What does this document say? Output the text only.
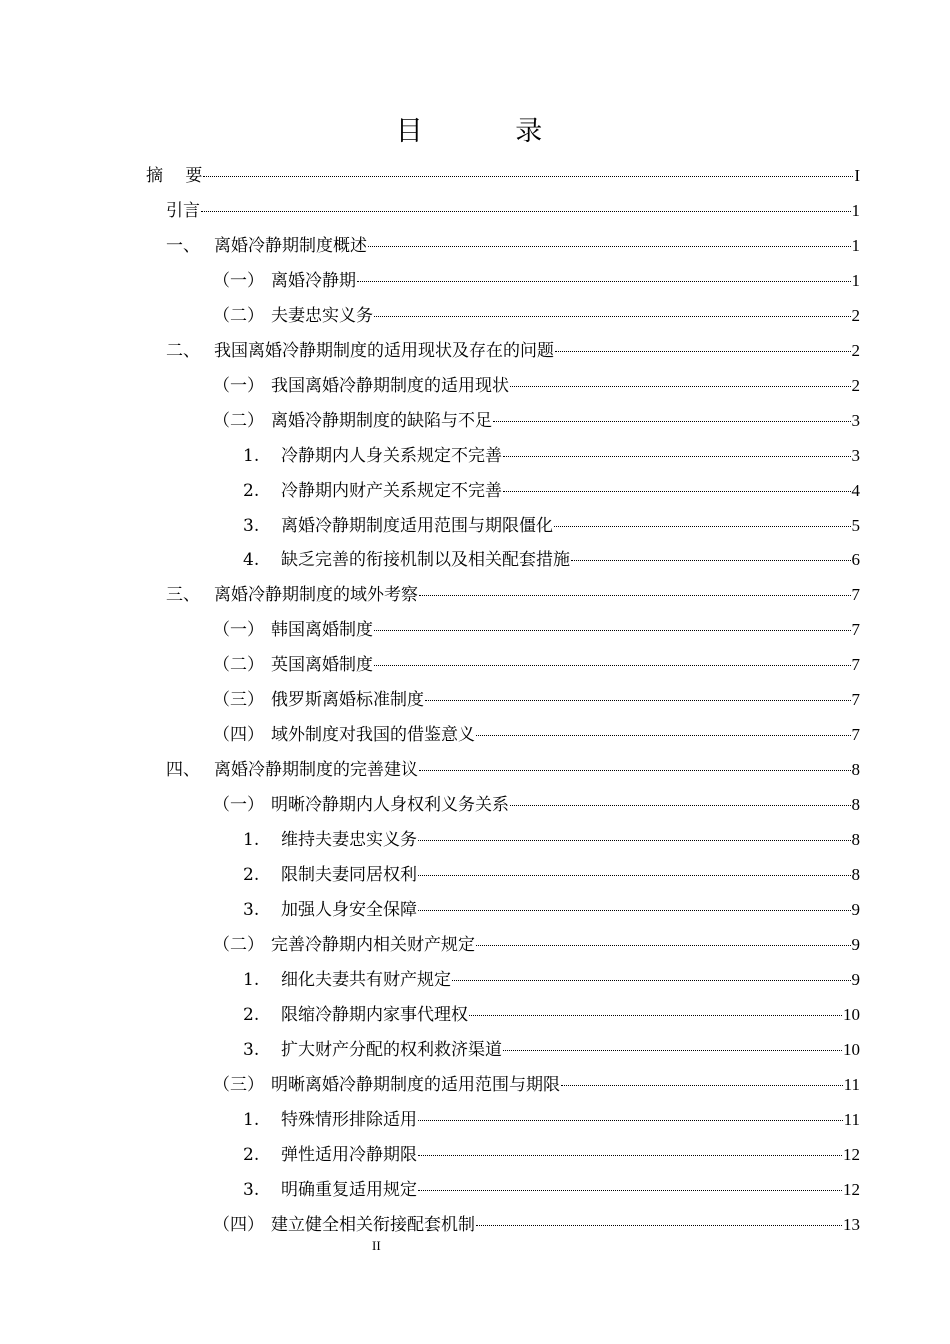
目 录
摘　 要	I
引言	1
一、 离婚冷静期制度概述	1
（一） 离婚冷静期	1
（二） 夫妻忠实义务	2
二、 我国离婚冷静期制度的适用现状及存在的问题	2
（一） 我国离婚冷静期制度的适用现状	2
（二） 离婚冷静期制度的缺陷与不足	3
1.	冷静期内人身关系规定不完善	3
2.	冷静期内财产关系规定不完善	4
3.	离婚冷静期制度适用范围与期限僵化	5
4.	缺乏完善的衔接机制以及相关配套措施	6
三、 离婚冷静期制度的域外考察	7
（一） 韩国离婚制度	7
（二） 英国离婚制度	7
（三） 俄罗斯离婚标准制度	7
（四） 域外制度对我国的借鉴意义	7
四、 离婚冷静期制度的完善建议	8
（一） 明晰冷静期内人身权利义务关系	8
1.	维持夫妻忠实义务	8
2.	限制夫妻同居权利	8
3.	加强人身安全保障	9
（二） 完善冷静期内相关财产规定	9
1.	细化夫妻共有财产规定	9
2.	限缩冷静期内家事代理权	10
3.	扩大财产分配的权利救济渠道	10
（三） 明晰离婚冷静期制度的适用范围与期限	11
1.	特殊情形排除适用	11
2.	弹性适用冷静期限	12
3.	明确重复适用规定	12
（四） 建立健全相关衔接配套机制	13
II
